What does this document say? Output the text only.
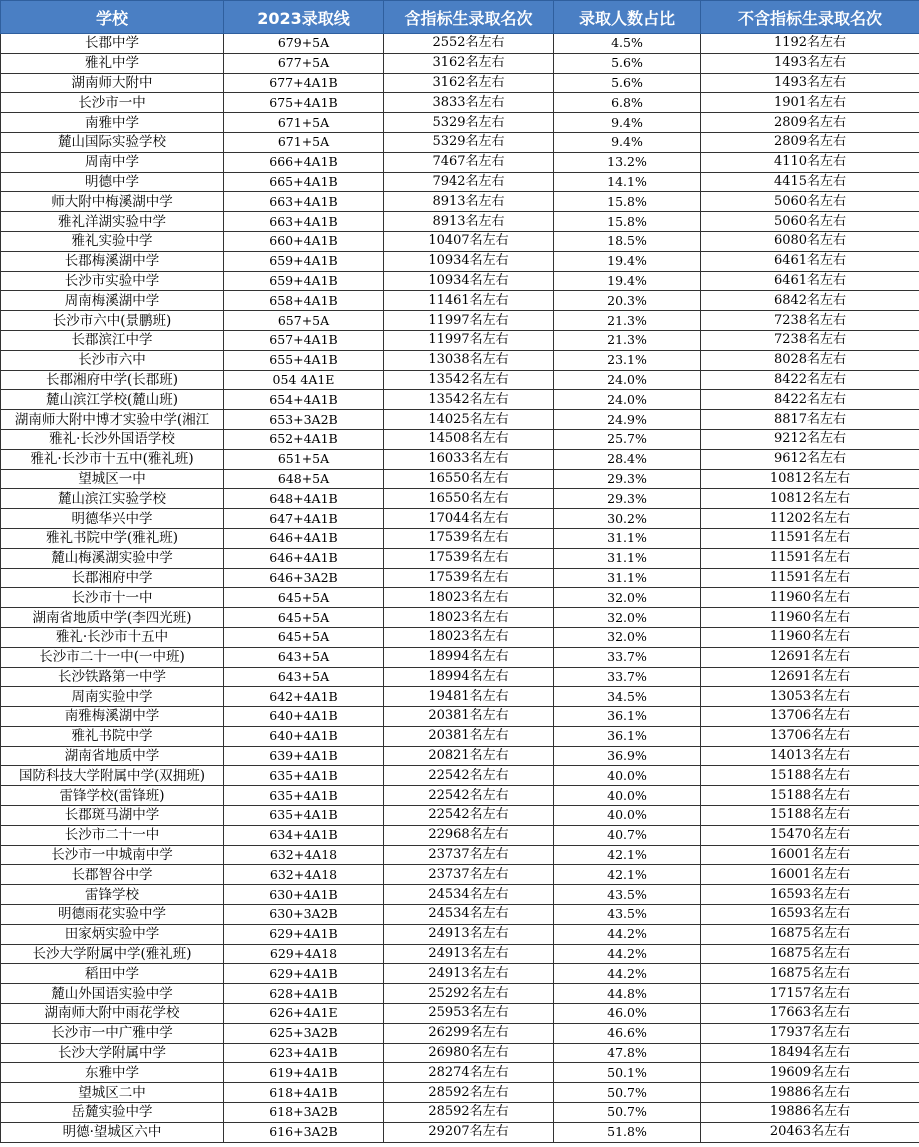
学校	2023录取线	含指标生录取名次	录取人数占比	不含指标生录取名次
长郡中学	679+5A	2552名左右	4.5%	1192名左右
雅礼中学	677+5A	3162名左右	5.6%	1493名左右
湖南师大附中	677+4A1B	3162名左右	5.6%	1493名左右
长沙市一中	675+4A1B	3833名左右	6.8%	1901名左右
南雅中学	671+5A	5329名左右	9.4%	2809名左右
麓山国际实验学校	671+5A	5329名左右	9.4%	2809名左右
周南中学	666+4A1B	7467名左右	13.2%	4110名左右
明德中学	665+4A1B	7942名左右	14.1%	4415名左右
师大附中梅溪湖中学	663+4A1B	8913名左右	15.8%	5060名左右
雅礼洋湖实验中学	663+4A1B	8913名左右	15.8%	5060名左右
雅礼实验中学	660+4A1B	10407名左右	18.5%	6080名左右
长郡梅溪湖中学	659+4A1B	10934名左右	19.4%	6461名左右
长沙市实验中学	659+4A1B	10934名左右	19.4%	6461名左右
周南梅溪湖中学	658+4A1B	11461名左右	20.3%	6842名左右
长沙市六中(景鹏班)	657+5A	11997名左右	21.3%	7238名左右
长郡滨江中学	657+4A1B	11997名左右	21.3%	7238名左右
长沙市六中	655+4A1B	13038名左右	23.1%	8028名左右
长郡湘府中学(长郡班)	054 4A1E	13542名左右	24.0%	8422名左右
麓山滨江学校(麓山班)	654+4A1B	13542名左右	24.0%	8422名左右
湖南师大附中博才实验中学(湘江	653+3A2B	14025名左右	24.9%	8817名左右
雅礼·长沙外国语学校	652+4A1B	14508名左右	25.7%	9212名左右
雅礼·长沙市十五中(雅礼班)	651+5A	16033名左右	28.4%	9612名左右
望城区一中	648+5A	16550名左右	29.3%	10812名左右
麓山滨江实验学校	648+4A1B	16550名左右	29.3%	10812名左右
明德华兴中学	647+4A1B	17044名左右	30.2%	11202名左右
雅礼书院中学(雅礼班)	646+4A1B	17539名左右	31.1%	11591名左右
麓山梅溪湖实验中学	646+4A1B	17539名左右	31.1%	11591名左右
长郡湘府中学	646+3A2B	17539名左右	31.1%	11591名左右
长沙市十一中	645+5A	18023名左右	32.0%	11960名左右
湖南省地质中学(李四光班)	645+5A	18023名左右	32.0%	11960名左右
雅礼·长沙市十五中	645+5A	18023名左右	32.0%	11960名左右
长沙市二十一中(一中班)	643+5A	18994名左右	33.7%	12691名左右
长沙铁路第一中学	643+5A	18994名左右	33.7%	12691名左右
周南实验中学	642+4A1B	19481名左右	34.5%	13053名左右
南雅梅溪湖中学	640+4A1B	20381名左右	36.1%	13706名左右
雅礼书院中学	640+4A1B	20381名左右	36.1%	13706名左右
湖南省地质中学	639+4A1B	20821名左右	36.9%	14013名左右
国防科技大学附属中学(双拥班)	635+4A1B	22542名左右	40.0%	15188名左右
雷锋学校(雷锋班)	635+4A1B	22542名左右	40.0%	15188名左右
长郡斑马湖中学	635+4A1B	22542名左右	40.0%	15188名左右
长沙市二十一中	634+4A1B	22968名左右	40.7%	15470名左右
长沙市一中城南中学	632+4A18	23737名左右	42.1%	16001名左右
长郡智谷中学	632+4A18	23737名左右	42.1%	16001名左右
雷锋学校	630+4A1B	24534名左右	43.5%	16593名左右
明德雨花实验中学	630+3A2B	24534名左右	43.5%	16593名左右
田家炳实验中学	629+4A1B	24913名左右	44.2%	16875名左右
长沙大学附属中学(雅礼班)	629+4A18	24913名左右	44.2%	16875名左右
稻田中学	629+4A1B	24913名左右	44.2%	16875名左右
麓山外国语实验中学	628+4A1B	25292名左右	44.8%	17157名左右
湖南师大附中雨花学校	626+4A1E	25953名左右	46.0%	17663名左右
长沙市一中广雅中学	625+3A2B	26299名左右	46.6%	17937名左右
长沙大学附属中学	623+4A1B	26980名左右	47.8%	18494名左右
东雅中学	619+4A1B	28274名左右	50.1%	19609名左右
望城区二中	618+4A1B	28592名左右	50.7%	19886名左右
岳麓实验中学	618+3A2B	28592名左右	50.7%	19886名左右
明德·望城区六中	616+3A2B	29207名左右	51.8%	20463名左右
